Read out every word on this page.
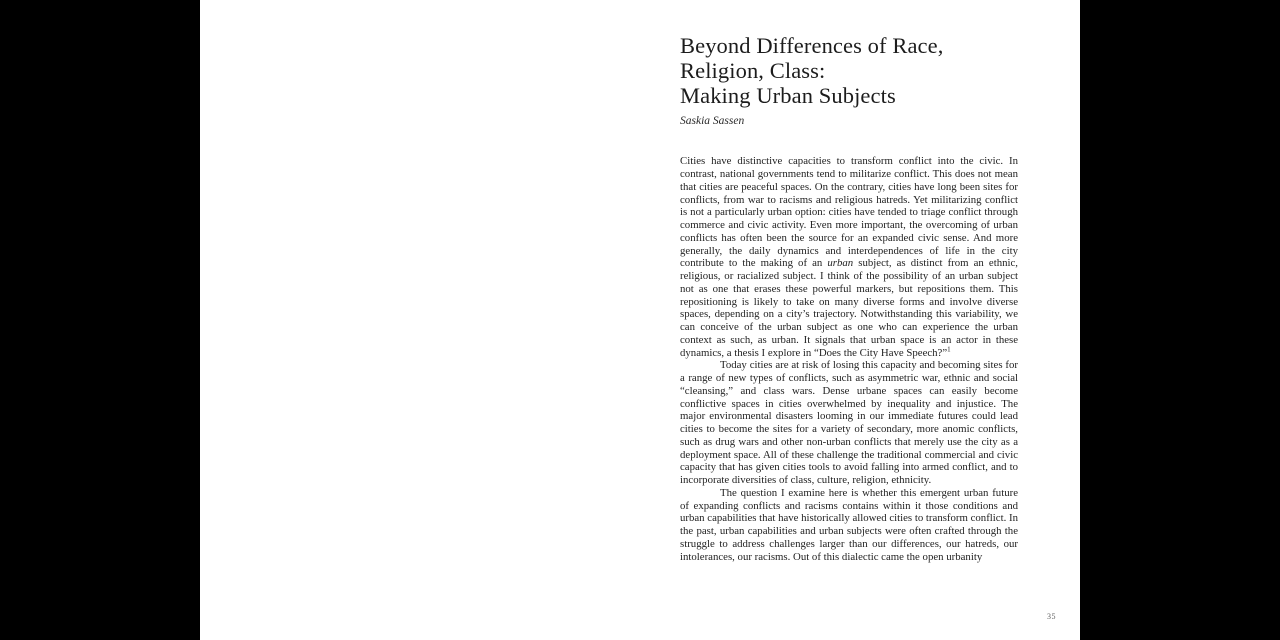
Beyond Differences of Race,
Religion, Class:
Making Urban Subjects
Saskia Sassen

Cities have distinctive capacities to transform conflict into the civic. In contrast, national governments tend to militarize conflict. This does not mean that cities are peaceful spaces. On the contrary, cities have long been sites for conflicts, from war to racisms and religious hatreds. Yet militarizing conflict is not a particularly urban option: cities have tended to triage conflict through commerce and civic activity. Even more important, the overcoming of urban conflicts has often been the source for an expanded civic sense. And more generally, the daily dynamics and interdependences of life in the city contribute to the making of an urban subject, as distinct from an ethnic, religious, or racialized subject. I think of the possibility of an urban subject not as one that erases these powerful markers, but repositions them. This repositioning is likely to take on many diverse forms and involve diverse spaces, depending on a city’s trajectory. Notwithstanding this variability, we can conceive of the urban subject as one who can experience the urban context as such, as urban. It signals that urban space is an actor in these dynamics, a thesis I explore in “Does the City Have Speech?”$^1$

Today cities are at risk of losing this capacity and becoming sites for a range of new types of conflicts, such as asymmetric war, ethnic and social “cleansing,” and class wars. Dense urbane spaces can easily become conflictive spaces in cities overwhelmed by inequality and injustice. The major environmental disasters looming in our immediate futures could lead cities to become the sites for a variety of secondary, more anomic conflicts, such as drug wars and other non-urban conflicts that merely use the city as a deployment space. All of these challenge the traditional commercial and civic capacity that has given cities tools to avoid falling into armed conflict, and to incorporate diversities of class, culture, religion, ethnicity.

The question I examine here is whether this emergent urban future of expanding conflicts and racisms contains within it those conditions and urban capabilities that have historically allowed cities to transform conflict. In the past, urban capabilities and urban subjects were often crafted through the struggle to address challenges larger than our differences, our hatreds, our intolerances, our racisms. Out of this dialectic came the open urbanity

35
